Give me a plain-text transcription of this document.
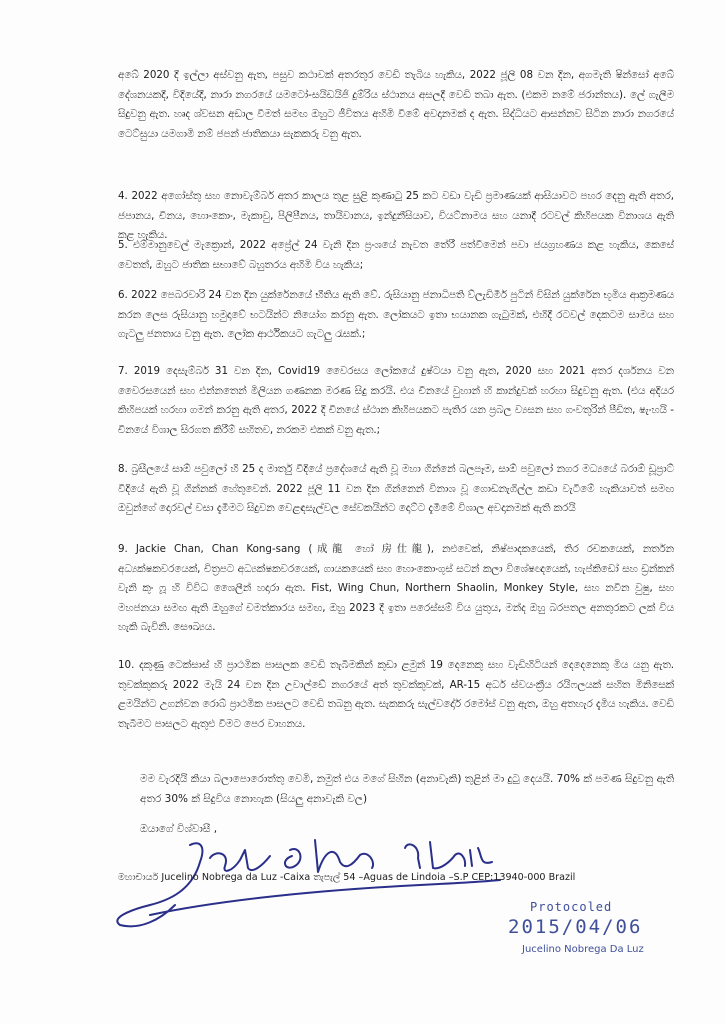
අබේ 2020 දී ඉල්ලා අස්වනු ඇත, පසුව කථාවක් අතරතුර වෙඩි තැබිය හැකිය, 2022 ජූලි 08 වන දින, අගමැති ෂින්සෝ අබේ දේශනයකදී, විදියේදී, නාරා නගරයේ යමටෝ-සයිඩයිජි දුම්රිය ස්ථානය අසලදී වෙඩි තබා ඇත. (එකම නමේ ජරාන්තය). ලේ ගැලීම සිදුවනු ඇත. හෘද ශ්වසන අඩාල වීමත් සමඟ ඔහුට ජීවිතය අහිමි වීමේ අවදානමක් ද ඇත. සිද්ධියට ආසන්නව සිටින නාරා නගරයේ ටෙට්සුයා යමගාමි නම් ජපන් ජාතිකයා සැකකරු වනු ඇත.

4. 2022 අගෝස්තු සහ නොවැම්බර් අතර කාලය තුළ සුළි කුණාටු 25 කට වඩා වැඩි ප්‍රමාණයක් ආසියාවට පහර දෙනු ඇති අතර, ජපානය, චීනය, හොංකොං, මැකාවු, පිලිපීනය, තායිවානය, ඉන්දුනීසියාව, වියට්නාමය සහ යනාදී රටවල් කිහිපයක විනාශය ඇති කළ හැකිය.

5. එම්මානුවෙල් මැක්‍රොන්, 2022 අප්‍රේල් 24 වැනි දින ප්‍රංශයේ නැවත තේරී පත්වීමෙන් පවා ජයග්‍රහණය කළ හැකිය, කෙසේ වෙතත්, ඔහුට ජාතික සභාවේ බහුතරය අහිමි විය හැකිය;

6. 2022 පෙබරවාරි 24 වන දින යුක්රේනයේ භීතිය ඇති වේ. රුසියානු ජනාධිපති ව්ලැඩිමීර් පුටින් විසින් යුක්රේන භූමිය ආක්‍රමණය කරන ලෙස රුසියානු හමුදාවේ භටයින්ට නියෝග කරනු ඇත. ලෝකයට ඉතා භයානක ගැටුමක්, එහිදී රටවල් දෙකටම සාමය සහ ගැටලු ජනතාය වනු ඇත. ලෝක ආර්ථිකයට ගැටලු රැසක්.;

7. 2019 දෙසැම්බර් 31 වන දින, Covid19 වෛරසය ලෝකයේ දුෂ්ටයා වනු ඇත, 2020 සහ 2021 අතර දර්ශනය වන වෛරසයෙන් සහ එන්නතෙන් මිලියන ගණනක මරණ සිදු කරයි. එය චීනයේ වුහාන් හි කාන්දුවක් හරහා සිදුවනු ඇත. (එය අදියර කිහිපයක් හරහා ගමන් කරනු ඇති අතර, 2022 දී චීනයේ ස්ථාන කිහිපයකට පැතිර යන ප්‍රබල ව්‍යසන සහ ගංවතුරින් පීඩිත, ෂැංහයි - චීනයේ විශාල සිරගත කිරීම් සහිතව, නරකම එකක් වනු ඇත.;

8. බ්‍රසීලයේ සාඕ පවුලෝ හි 25 ද මාර්තු වීදියේ ප්‍රදේශයේ ඇති වූ මහා ගින්නේ බලපෑම, සාඕ පවුලෝ නගර මධ්‍යයේ බරාඕ ඩූප්‍රාට් වීදියේ ඇති වූ ගින්නක් හේතුවෙන්. 2022 ජූලි 11 වන දින ගින්නෙන් විනාශ වූ ගොඩනැගිල්ල කඩා වැටීමේ හැකියාවත් සමඟ ඔවුන්ගේ දොරවල් වසා දැමීමට සිදුවන වෙළඳසැල්වල සේවකයින්ට දොට්ට දැමීමේ විශාල අවදානමක් ඇති කරයි

9. Jackie Chan, Chan Kong-sang (成龍 හෝ 房仕龍), නළුවෙක්, නිෂ්පාදකයෙක්, තිර රචකයෙක්, නර්තන අධ්‍යක්ෂකවරයෙක්, චිත්‍රපට අධ්‍යක්ෂකවරයෙක්, ගායකයෙක් සහ හොංකොංගුස් සටන් කලා විශේෂඥයෙක්, හැප්කිඩෝ සහ ඩ්‍රන්කන් වැනි කුං ෆූ හි විවිධ ශෛලීන් හදාරා ඇත. Fist, Wing Chun, Northern Shaolin, Monkey Style, සහ නවීන වුෂු, සහ මහජනයා සමඟ ඇති ඔහුගේ චමත්කාරය සමඟ, ඔහු 2023 දී ඉතා පරෙස්සම් විය යුතුය, මන්ද ඔහු බරපතල අනතුරකට ලක් විය හැකි බැවිනි. සෞඛ්‍යය.

10. දකුණු ටෙක්සාස් හි ප්‍රාථමික පාසලක වෙඩි තැබීමකින් කුඩා ළමුන් 19 දෙනෙකු සහ වැඩිහිටියන් දෙදෙනෙකු මිය යනු ඇත. තුවක්කුකරු 2022 මැයි 24 වන දින උවාල්ඩේ නගරයේ අත් තුවක්කුවක්, AR-15 අර්ධ ස්වයංක්‍රීය රයිෆලයක් සහිත මිනිසෙක් ළමයින්ට උගන්වන රොබ් ප්‍රාථමික පාසලට වෙඩි තබනු ඇත. සැකකරු සැල්වදෝර් රමෝස් වනු ඇත, ඔහු අතහැර දැමිය හැකිය. වෙඩි තැබීමට පාසලට ඇතුළු වීමට පෙර වාහනය.

මම වැරදියි කියා බලාපොරොත්තු වෙමි, නමුත් එය මගේ සිහින (අනාවැකි) තුළින් මා දුටු දෙයයි. 70% ක් පමණ සිදුවනු ඇති අතර 30% ක් සිදුවිය නොහැක (සියලු අනාවැකි වල)

ඔයාගේ විශ්වාසී ,

මහාචාර්ය Jucelino Nobrega da Luz -Caixa තැපැල් 54 –Aguas de Lindoia –S.P CEP:13940-000 Brazil
Protocoled
2015/04/06
Jucelino Nobrega Da Luz
